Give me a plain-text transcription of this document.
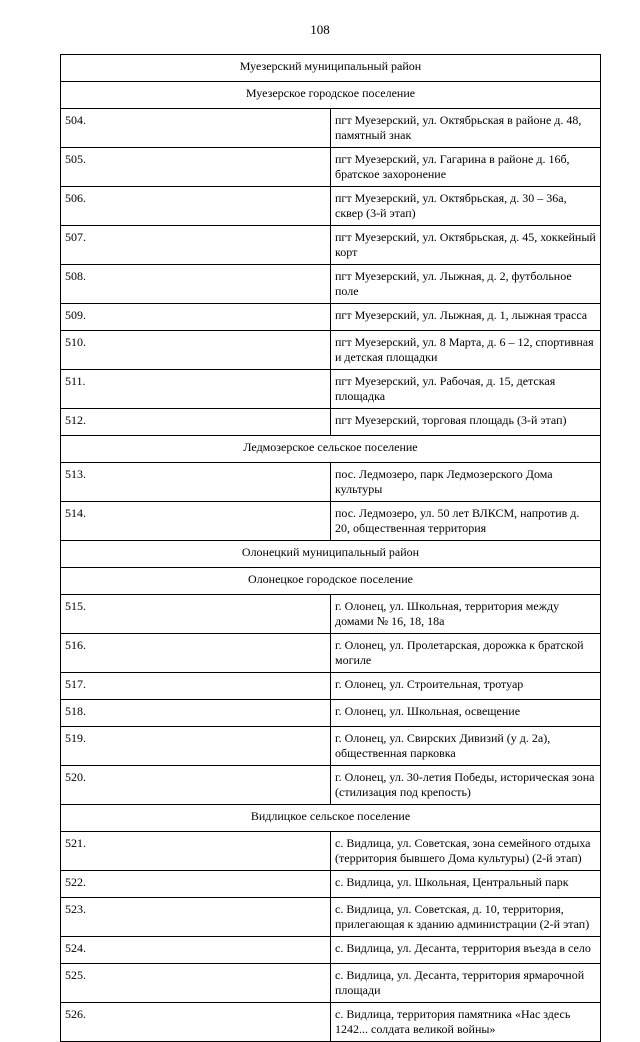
108
Муезерский муниципальный район	
Муезерское городское поселение	
504.	пгт Муезерский, ул. Октябрьская в районе д. 48, памятный знак
505.	пгт Муезерский, ул. Гагарина в районе д. 16б, братское захоронение
506.	пгт Муезерский, ул. Октябрьская, д. 30 – 36а, сквер (3-й этап)
507.	пгт Муезерский, ул. Октябрьская, д. 45, хоккейный корт
508.	пгт Муезерский, ул. Лыжная, д. 2, футбольное поле
509.	пгт Муезерский, ул. Лыжная, д. 1, лыжная трасса
510.	пгт Муезерский, ул. 8 Марта, д. 6 – 12, спортивная и детская площадки
511.	пгт Муезерский, ул. Рабочая, д. 15, детская площадка
512.	пгт Муезерский, торговая площадь (3-й этап)
Ледмозерское сельское поселение	
513.	пос. Ледмозеро, парк Ледмозерского Дома культуры
514.	пос. Ледмозеро, ул. 50 лет ВЛКСМ, напротив д. 20, общественная территория
Олонецкий муниципальный район	
Олонецкое городское поселение	
515.	г. Олонец, ул. Школьная, территория между домами № 16, 18, 18а
516.	г. Олонец, ул. Пролетарская, дорожка к братской могиле
517.	г. Олонец, ул. Строительная, тротуар
518.	г. Олонец, ул. Школьная, освещение
519.	г. Олонец, ул. Свирских Дивизий (у д. 2а), общественная парковка
520.	г. Олонец, ул. 30-летия Победы, историческая зона (стилизация под крепость)
Видлицкое сельское поселение	
521.	с. Видлица, ул. Советская, зона семейного отдыха (территория бывшего Дома культуры) (2-й этап)
522.	с. Видлица, ул. Школьная, Центральный парк
523.	с. Видлица, ул. Советская, д. 10, территория, прилегающая к зданию администрации (2-й этап)
524.	с. Видлица, ул. Десанта, территория въезда в село
525.	с. Видлица, ул. Десанта, территория ярмарочной площади
526.	с. Видлица, территория памятника «Нас здесь 1242... солдата великой войны»
